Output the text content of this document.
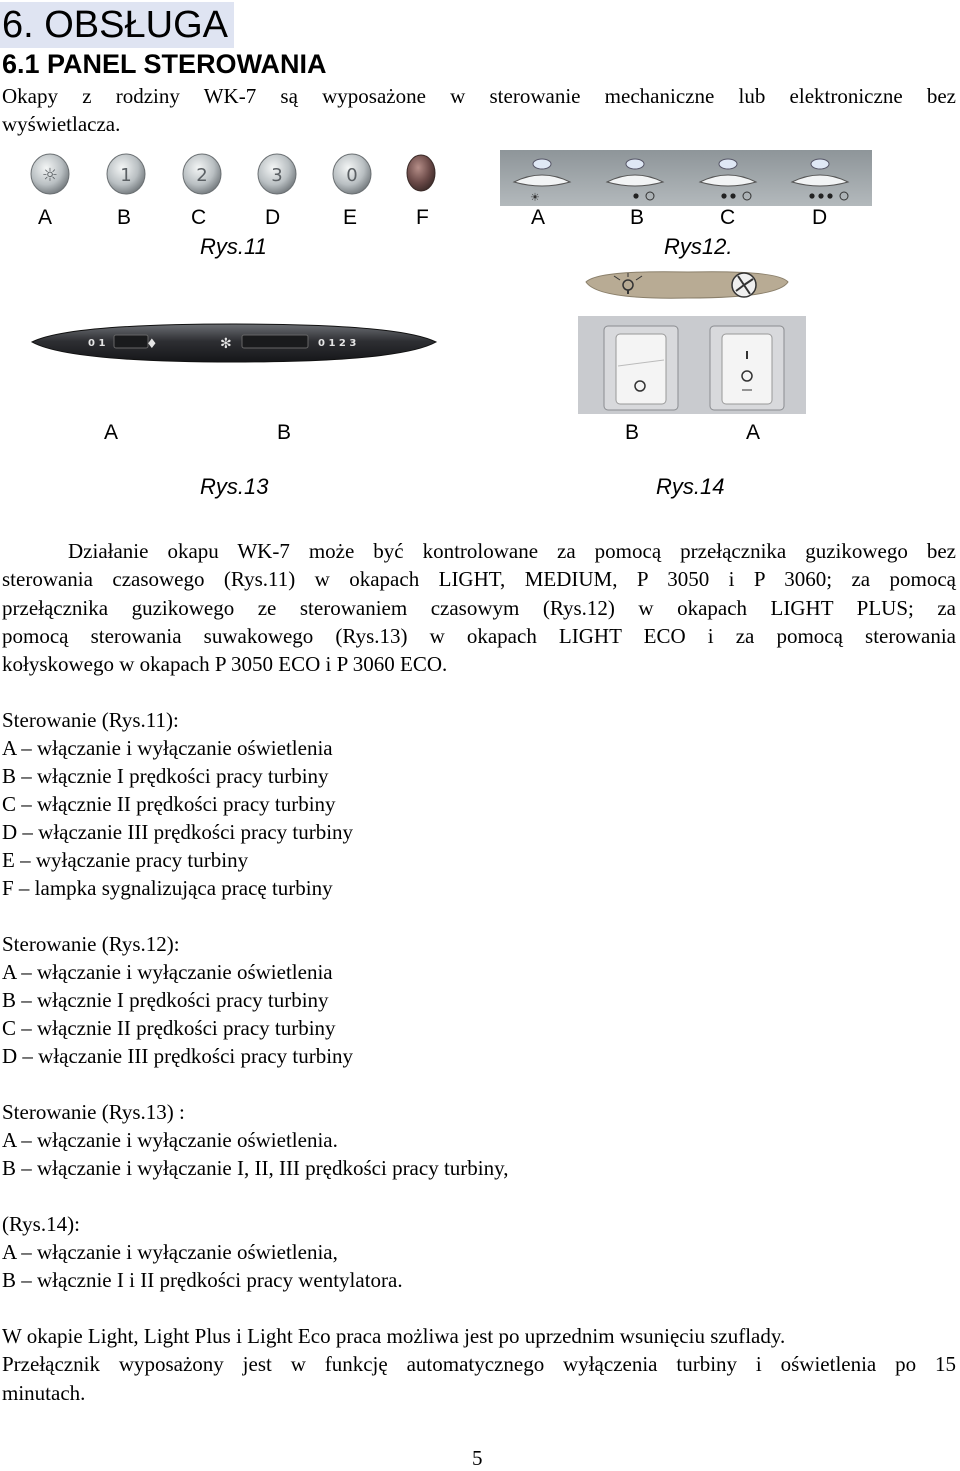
6. OBSŁUGA
6.1 PANEL STEROWANIA
Okapy z rodziny WK-7 są wyposażone w sterowanie mechaniczne lub elektroniczne bez
wyświetlacza.
☼	1	2	3	0
☀
A	B	C	D	E	F	A	B	C	D
Rys.11	Rys12.
0 1	♦	✻	0 1 2 3
A	B	B	A
Rys.13	Rys.14
Działanie okapu WK-7 może być kontrolowane za pomocą przełącznika guzikowego bez
sterowania czasowego (Rys.11) w okapach LIGHT, MEDIUM, P 3050 i P 3060; za pomocą
przełącznika guzikowego ze sterowaniem czasowym (Rys.12) w okapach LIGHT PLUS; za
pomocą sterowania suwakowego (Rys.13) w okapach LIGHT ECO i za pomocą sterowania
kołyskowego w okapach P 3050 ECO i P 3060 ECO.
Sterowanie (Rys.11):
A – włączanie i wyłączanie oświetlenia
B – włącznie I prędkości pracy turbiny
C – włącznie II prędkości pracy turbiny
D – włączanie III prędkości pracy turbiny
E – wyłączanie pracy turbiny
F – lampka sygnalizująca pracę turbiny
Sterowanie (Rys.12):
A – włączanie i wyłączanie oświetlenia
B – włącznie I prędkości pracy turbiny
C – włącznie II prędkości pracy turbiny
D – włączanie III prędkości pracy turbiny
Sterowanie (Rys.13) :
A – włączanie i wyłączanie oświetlenia.
B – włączanie i wyłączanie I, II, III prędkości pracy turbiny,
(Rys.14):
A – włączanie i wyłączanie oświetlenia,
B – włącznie I i II prędkości pracy wentylatora.
W okapie Light, Light Plus i Light Eco praca możliwa jest po uprzednim wsunięciu szuflady.
Przełącznik wyposażony jest w funkcję automatycznego wyłączenia turbiny i oświetlenia po 15
minutach.
5
